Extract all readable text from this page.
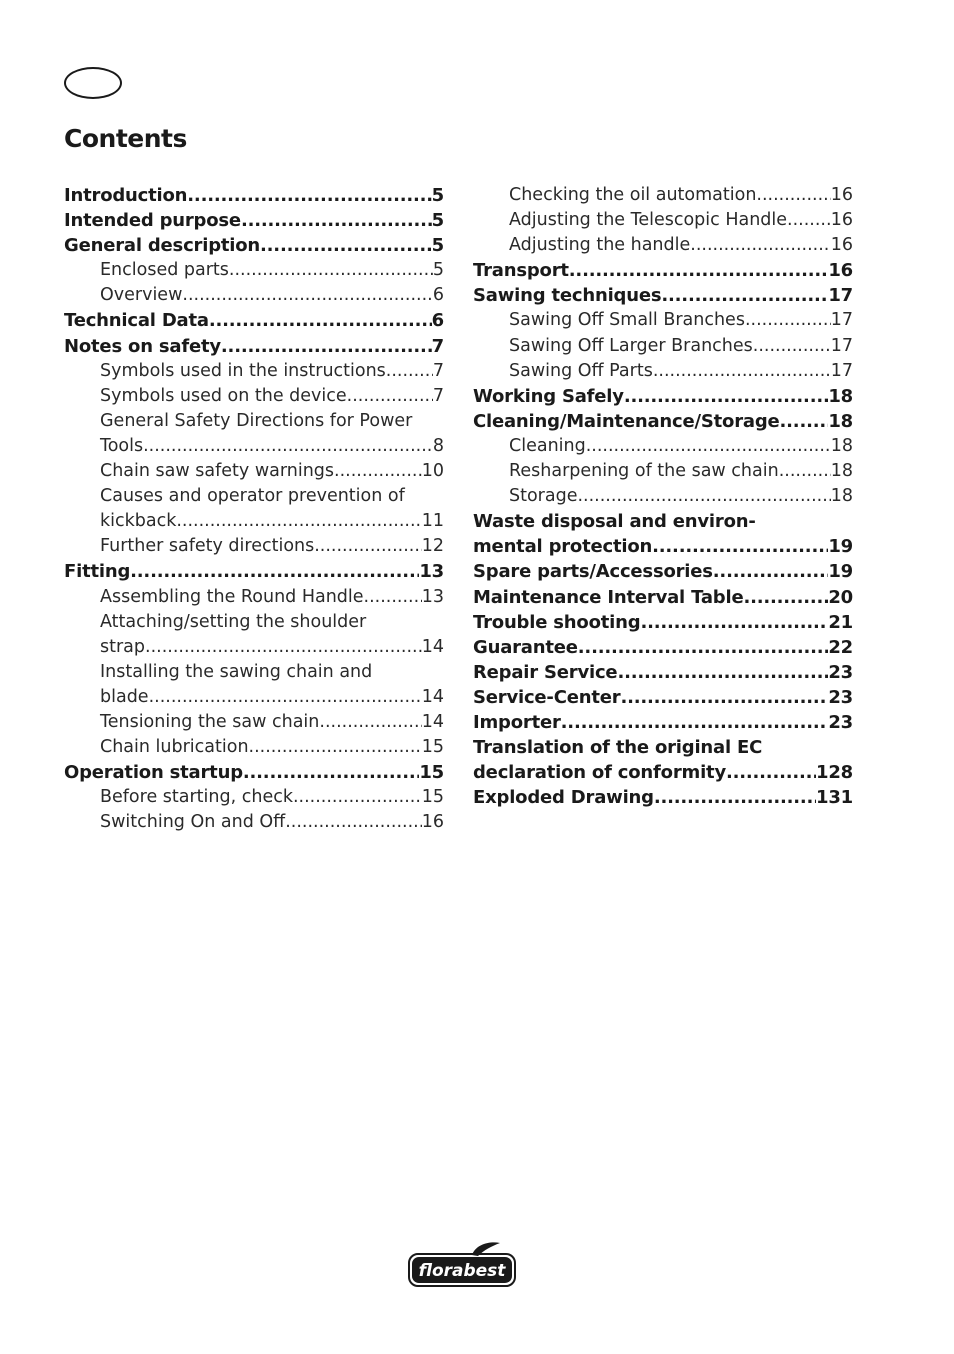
Contents
Introduction .....	5
Intended purpose .....	5
General description .....	5
Enclosed parts .....	5
Overview .....	6
Technical Data .....	6
Notes on safety .....	7
Symbols used in the instructions .....	7
Symbols used on the device .....	7
General Safety Directions for Power
Tools .....	8
Chain saw safety warnings .....	10
Causes and operator prevention of
kickback .....	11
Further safety directions .....	12
Fitting .....	13
Assembling the Round Handle .....	13
Attaching/setting the shoulder
strap .....	14
Installing the sawing chain and
blade .....	14
Tensioning the saw chain .....	14
Chain lubrication .....	15
Operation startup .....	15
Before starting, check .....	15
Switching On and Off .....	16
Checking the oil automation .....	16
Adjusting the Telescopic Handle ..... 16
Adjusting the handle .....	16
Transport .....	16
Sawing techniques .....	17
Sawing Off Small Branches .....	17
Sawing Off Larger Branches .....	17
Sawing Off Parts .....	17
Working Safely .....	18
Cleaning/Maintenance/Storage .....	18
Cleaning .....	18
Resharpening of the saw chain .....	18
Storage .....	18
Waste disposal and environ-
mental protection .....	19
Spare parts/Accessories .....	19
Maintenance Interval Table .....	20
Trouble shooting .....	21
Guarantee .....	22
Repair Service .....	23
Service-Center .....	23
Importer .....	23
Translation of the original EC
declaration of conformity .....	128
Exploded Drawing .....	131
florabest
